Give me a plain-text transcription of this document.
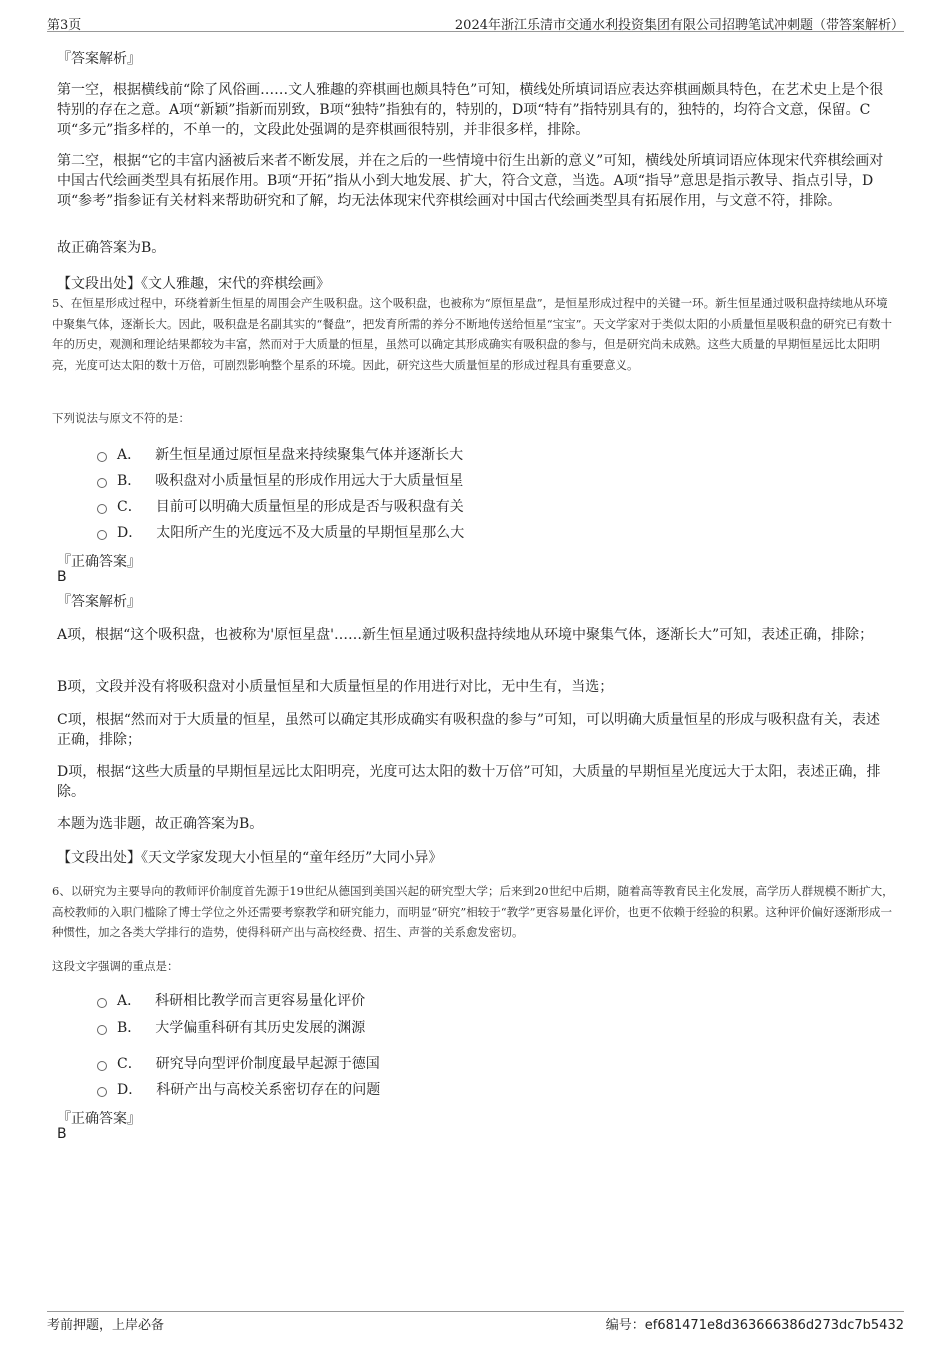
第3页	2024年浙江乐清市交通水利投资集团有限公司招聘笔试冲刺题（带答案解析）
『答案解析』
第一空，根据横线前“除了风俗画……文人雅趣的弈棋画也颇具特色”可知，横线处所填词语应表达弈棋画颇具特色，在艺术史上是个很特别的存在之意。A项“新颖”指新而别致，B项“独特”指独有的，特别的，D项“特有”指特别具有的，独特的，均符合文意，保留。C项“多元”指多样的，不单一的，文段此处强调的是弈棋画很特别，并非很多样，排除。
第二空，根据“它的丰富内涵被后来者不断发展，并在之后的一些情境中衍生出新的意义”可知，横线处所填词语应体现宋代弈棋绘画对中国古代绘画类型具有拓展作用。B项“开拓”指从小到大地发展、扩大，符合文意，当选。A项“指导”意思是指示教导、指点引导，D项“参考”指参证有关材料来帮助研究和了解，均无法体现宋代弈棋绘画对中国古代绘画类型具有拓展作用，与文意不符，排除。
故正确答案为B。
【文段出处】《文人雅趣，宋代的弈棋绘画》
5、在恒星形成过程中，环绕着新生恒星的周围会产生吸积盘。这个吸积盘，也被称为“原恒星盘”，是恒星形成过程中的关键一环。新生恒星通过吸积盘持续地从环境中聚集气体，逐渐长大。因此，吸积盘是名副其实的“餐盘”，把发育所需的养分不断地传送给恒星“宝宝”。天文学家对于类似太阳的小质量恒星吸积盘的研究已有数十年的历史，观测和理论结果都较为丰富，然而对于大质量的恒星，虽然可以确定其形成确实有吸积盘的参与，但是研究尚未成熟。这些大质量的早期恒星远比太阳明亮，光度可达太阳的数十万倍，可剧烈影响整个星系的环境。因此，研究这些大质量恒星的形成过程具有重要意义。
下列说法与原文不符的是：
A． 新生恒星通过原恒星盘来持续聚集气体并逐渐长大
B． 吸积盘对小质量恒星的形成作用远大于大质量恒星
C． 目前可以明确大质量恒星的形成是否与吸积盘有关
D． 太阳所产生的光度远不及大质量的早期恒星那么大
『正确答案』
B
『答案解析』
A项，根据“这个吸积盘，也被称为'原恒星盘'……新生恒星通过吸积盘持续地从环境中聚集气体，逐渐长大”可知，表述正确，排除；
B项，文段并没有将吸积盘对小质量恒星和大质量恒星的作用进行对比，无中生有，当选；
C项，根据“然而对于大质量的恒星，虽然可以确定其形成确实有吸积盘的参与”可知，可以明确大质量恒星的形成与吸积盘有关，表述正确，排除；
D项，根据“这些大质量的早期恒星远比太阳明亮，光度可达太阳的数十万倍”可知，大质量的早期恒星光度远大于太阳，表述正确，排除。
本题为选非题，故正确答案为B。
【文段出处】《天文学家发现大小恒星的“童年经历”大同小异》
6、以研究为主要导向的教师评价制度首先源于19世纪从德国到美国兴起的研究型大学；后来到20世纪中后期，随着高等教育民主化发展，高学历人群规模不断扩大，高校教师的入职门槛除了博士学位之外还需要考察教学和研究能力，而明显“研究”相较于“教学”更容易量化评价，也更不依赖于经验的积累。这种评价偏好逐渐形成一种惯性，加之各类大学排行的造势，使得科研产出与高校经费、招生、声誉的关系愈发密切。
这段文字强调的重点是：
A． 科研相比教学而言更容易量化评价
B． 大学偏重科研有其历史发展的渊源
C． 研究导向型评价制度最早起源于德国
D． 科研产出与高校关系密切存在的问题
『正确答案』
B
考前押题，上岸必备	编号：ef681471e8d363666386d273dc7b5432
